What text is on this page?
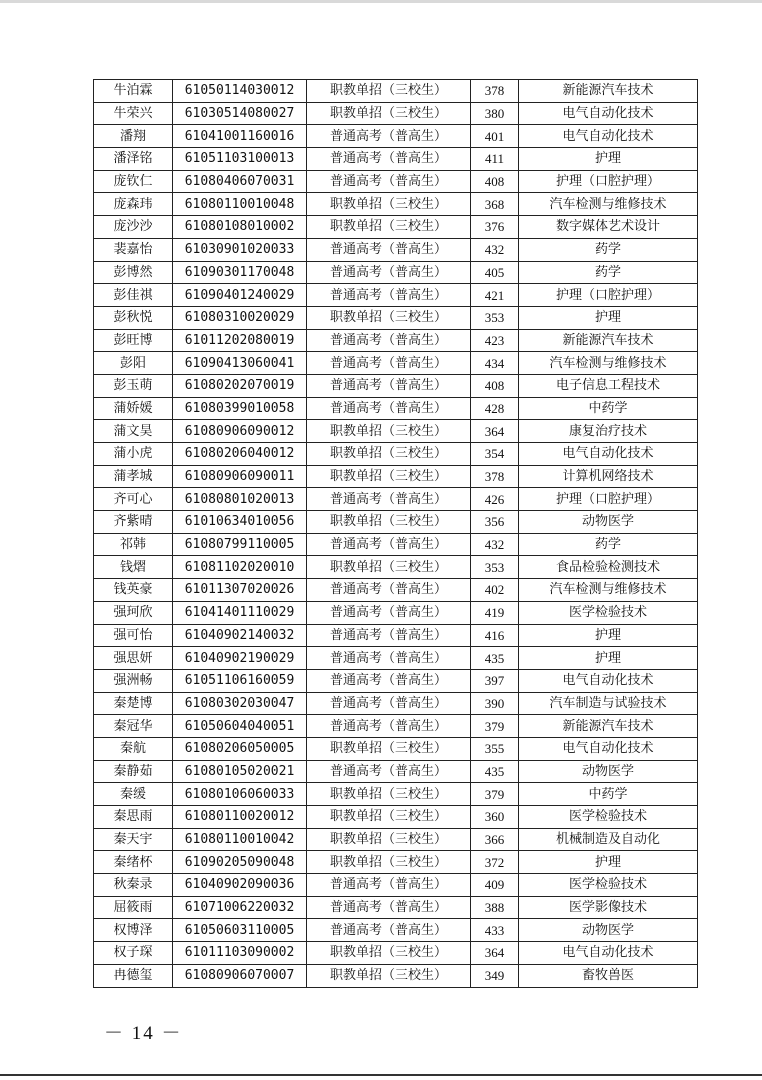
牛泊霖	61050114030012	职教单招（三校生）	378	新能源汽车技术
牛荣兴	61030514080027	职教单招（三校生）	380	电气自动化技术
潘翔	61041001160016	普通高考（普高生）	401	电气自动化技术
潘泽铭	61051103100013	普通高考（普高生）	411	护理
庞钦仁	61080406070031	普通高考（普高生）	408	护理（口腔护理）
庞森玮	61080110010048	职教单招（三校生）	368	汽车检测与维修技术
庞沙沙	61080108010002	职教单招（三校生）	376	数字媒体艺术设计
裴嘉怡	61030901020033	普通高考（普高生）	432	药学
彭博然	61090301170048	普通高考（普高生）	405	药学
彭佳祺	61090401240029	普通高考（普高生）	421	护理（口腔护理）
彭秋悦	61080310020029	职教单招（三校生）	353	护理
彭旺博	61011202080019	普通高考（普高生）	423	新能源汽车技术
彭阳	61090413060041	普通高考（普高生）	434	汽车检测与维修技术
彭玉萌	61080202070019	普通高考（普高生）	408	电子信息工程技术
蒲娇媛	61080399010058	普通高考（普高生）	428	中药学
蒲文昊	61080906090012	职教单招（三校生）	364	康复治疗技术
蒲小虎	61080206040012	职教单招（三校生）	354	电气自动化技术
蒲孝城	61080906090011	职教单招（三校生）	378	计算机网络技术
齐可心	61080801020013	普通高考（普高生）	426	护理（口腔护理）
齐紫晴	61010634010056	职教单招（三校生）	356	动物医学
祁韩	61080799110005	普通高考（普高生）	432	药学
钱熠	61081102020010	职教单招（三校生）	353	食品检验检测技术
钱英豪	61011307020026	普通高考（普高生）	402	汽车检测与维修技术
强珂欣	61041401110029	普通高考（普高生）	419	医学检验技术
强可怡	61040902140032	普通高考（普高生）	416	护理
强思妍	61040902190029	普通高考（普高生）	435	护理
强洲畅	61051106160059	普通高考（普高生）	397	电气自动化技术
秦楚博	61080302030047	普通高考（普高生）	390	汽车制造与试验技术
秦冠华	61050604040051	普通高考（普高生）	379	新能源汽车技术
秦航	61080206050005	职教单招（三校生）	355	电气自动化技术
秦静茹	61080105020021	普通高考（普高生）	435	动物医学
秦缓	61080106060033	职教单招（三校生）	379	中药学
秦思雨	61080110020012	职教单招（三校生）	360	医学检验技术
秦天宇	61080110010042	职教单招（三校生）	366	机械制造及自动化
秦绪杯	61090205090048	职教单招（三校生）	372	护理
秋秦录	61040902090036	普通高考（普高生）	409	医学检验技术
屈筱雨	61071006220032	普通高考（普高生）	388	医学影像技术
权博泽	61050603110005	普通高考（普高生）	433	动物医学
权子琛	61011103090002	职教单招（三校生）	364	电气自动化技术
冉德玺	61080906070007	职教单招（三校生）	349	畜牧兽医
－ 14 －
